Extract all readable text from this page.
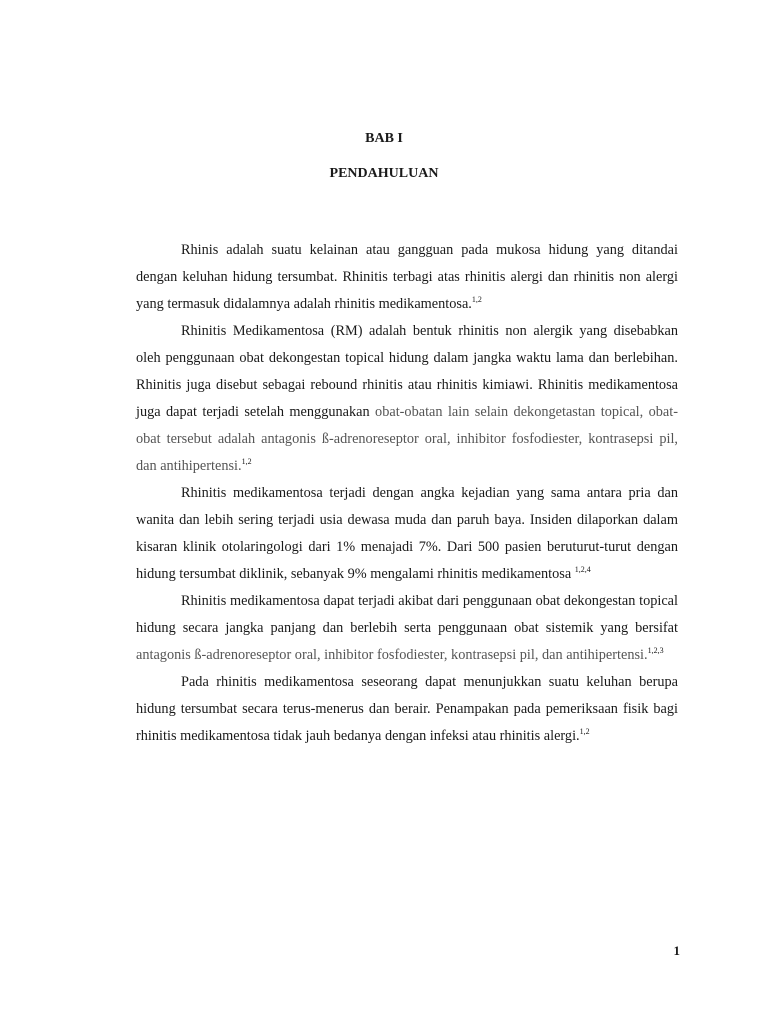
BAB I
PENDAHULUAN

Rhinis adalah suatu kelainan atau gangguan pada mukosa hidung yang ditandai dengan keluhan hidung tersumbat. Rhinitis terbagi atas rhinitis alergi dan rhinitis non alergi yang termasuk didalamnya adalah rhinitis medikamentosa.$^{1,2}$

Rhinitis Medikamentosa (RM) adalah bentuk rhinitis non alergik yang disebabkan oleh penggunaan obat dekongestan topical hidung dalam jangka waktu lama dan berlebihan. Rhinitis juga disebut sebagai rebound rhinitis atau rhinitis kimiawi. Rhinitis medikamentosa juga dapat terjadi setelah menggunakan obat-obatan lain selain dekongetastan topical, obat-obat tersebut adalah antagonis ß-adrenoreseptor oral, inhibitor fosfodiester, kontrasepsi pil, dan antihipertensi.$^{1,2}$

Rhinitis medikamentosa terjadi dengan angka kejadian yang sama antara pria dan wanita dan lebih sering terjadi usia dewasa muda dan paruh baya. Insiden dilaporkan dalam kisaran klinik otolaringologi dari 1% menajadi 7%. Dari 500 pasien beruturut-turut dengan hidung tersumbat diklinik, sebanyak 9% mengalami rhinitis medikamentosa $^{1,2,4}$

Rhinitis medikamentosa dapat terjadi akibat dari penggunaan obat dekongestan topical hidung secara jangka panjang dan berlebih serta penggunaan obat sistemik yang bersifat antagonis ß-adrenoreseptor oral, inhibitor fosfodiester, kontrasepsi pil, dan antihipertensi.$^{1,2,3}$

Pada rhinitis medikamentosa seseorang dapat menunjukkan suatu keluhan berupa hidung tersumbat secara terus-menerus dan berair. Penampakan pada pemeriksaan fisik bagi rhinitis medikamentosa tidak jauh bedanya dengan infeksi atau rhinitis alergi.$^{1,2}$

1
